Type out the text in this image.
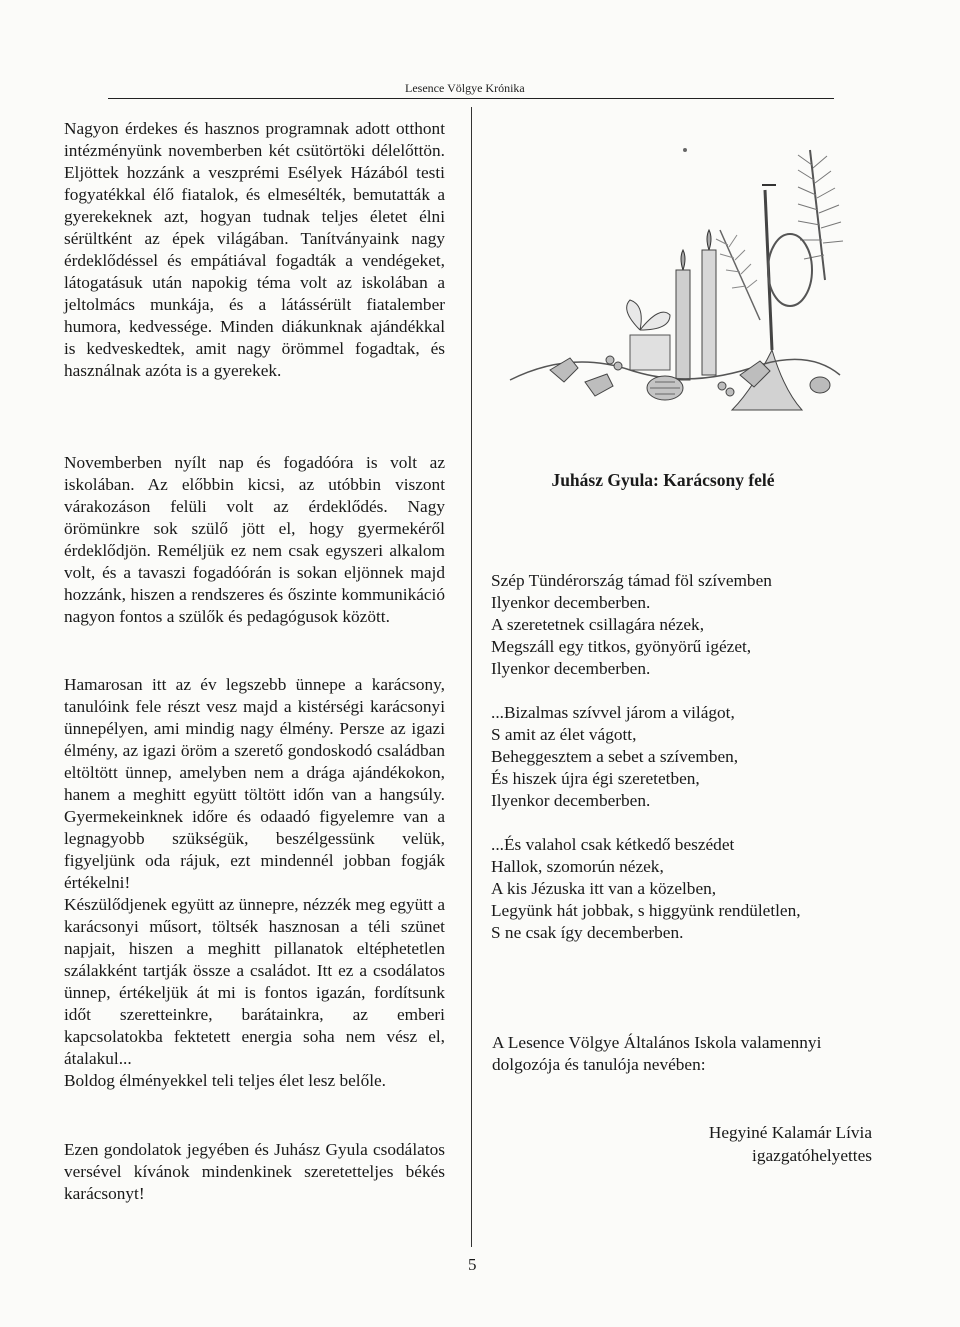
Lesence Völgye Krónika

Nagyon érdekes és hasznos programnak adott otthont intézményünk novemberben két csütörtöki délelőttön. Eljöttek hozzánk a veszprémi Esélyek Házából testi fogyatékkal élő fiatalok, és elmesélték, bemutatták a gyerekeknek azt, hogyan tudnak teljes életet élni sérültként az épek világában. Tanítványaink nagy érdeklődéssel és empátiával fogadták a vendégeket, látogatásuk után napokig téma volt az iskolában a jeltolmács munkája, és a látássérült fiatalember humora, kedvessége. Minden diákunknak ajándékkal is kedveskedtek, amit nagy örömmel fogadtak, és használnak azóta is a gyerekek.

Novemberben nyílt nap és fogadóóra is volt az iskolában. Az előbbin kicsi, az utóbbin viszont várakozáson felüli volt az érdeklődés. Nagy örömünkre sok szülő jött el, hogy gyermekéről érdeklődjön. Reméljük ez nem csak egyszeri alkalom volt, és a tavaszi fogadóórán is sokan eljönnek majd hozzánk, hiszen a rendszeres és őszinte kommunikáció nagyon fontos a szülők és pedagógusok között.

Hamarosan itt az év legszebb ünnepe a karácsony, tanulóink fele részt vesz majd a kistérségi karácsonyi ünnepélyen, ami mindig nagy élmény. Persze az igazi élmény, az igazi öröm a szerető gondoskodó családban eltöltött ünnep, amelyben nem a drága ajándékokon, hanem a meghitt együtt töltött időn van a hangsúly. Gyermekeinknek időre és odaadó figyelemre van a legnagyobb szükségük, beszélgessünk velük, figyeljünk oda rájuk, ezt mindennél jobban fogják értékelni!

Készülődjenek együtt az ünnepre, nézzék meg együtt a karácsonyi műsort, töltsék hasznosan a téli szünet napjait, hiszen a meghitt pillanatok eltéphetetlen szálakként tartják össze a családot. Itt ez a csodálatos ünnep, értékeljük át mi is fontos igazán, fordítsunk időt szeretteinkre, barátainkra, az emberi kapcsolatokba fektetett energia soha nem vész el, átalakul...

Boldog élményekkel teli teljes élet lesz belőle.

Ezen gondolatok jegyében és Juhász Gyula csodálatos versével kívánok mindenkinek szeretetteljes békés karácsonyt!

Juhász Gyula: Karácsony felé
Szép Tündérország támad föl szívemben
Ilyenkor decemberben.
A szeretetnek csillagára nézek,
Megszáll egy titkos, gyönyörű igézet,
Ilyenkor decemberben.
...Bizalmas szívvel járom a világot,
S amit az élet vágott,
Beheggesztem a sebet a szívemben,
És hiszek újra égi szeretetben,
Ilyenkor decemberben.
...És valahol csak kétkedő beszédet
Hallok, szomorún nézek,
A kis Jézuska itt van a közelben,
Legyünk hát jobbak, s higgyünk rendületlen,
S ne csak így decemberben.
A Lesence Völgye Általános Iskola valamennyi
dolgozója és tanulója nevében:
Hegyiné Kalamár Lívia
igazgatóhelyettes
5
